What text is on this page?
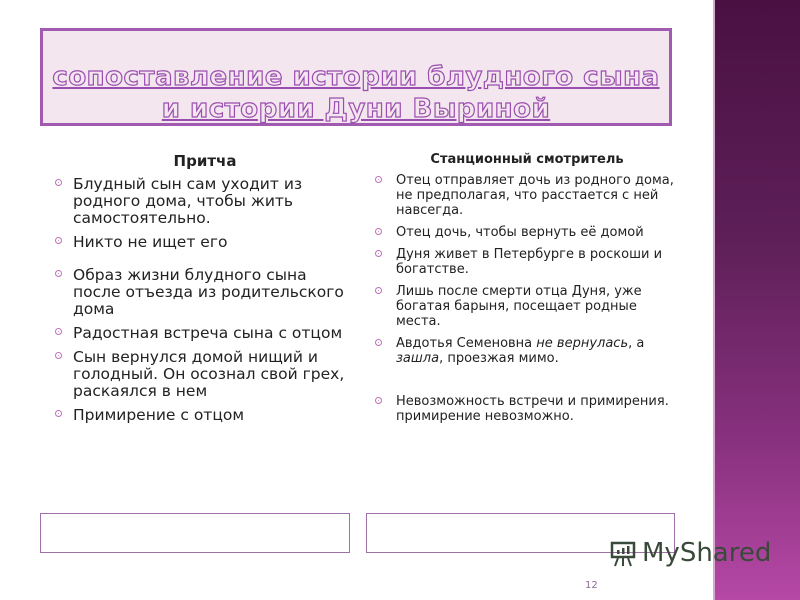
сопоставление истории блудного сына и истории Дуни Выриной
Притча
Блудный сын сам уходит из родного дома, чтобы жить самостоятельно.
Никто не ищет его
Образ жизни блудного сына после отъезда из родительского дома
Радостная встреча сына с отцом
Сын вернулся домой нищий и голодный. Он осознал свой грех, раскаялся в нем
Примирение с отцом
Станционный смотритель
Отец отправляет дочь из родного дома, не предполагая, что расстается с ней навсегда.
Отец дочь, чтобы вернуть её домой
Дуня живет в Петербурге в роскоши и богатстве.
Лишь после смерти отца Дуня, уже богатая барыня, посещает родные места.
Авдотья Семеновна не вернулась, а зашла, проезжая мимо.
Невозможность встречи и примирения. примирение невозможно.
MyShared
12
